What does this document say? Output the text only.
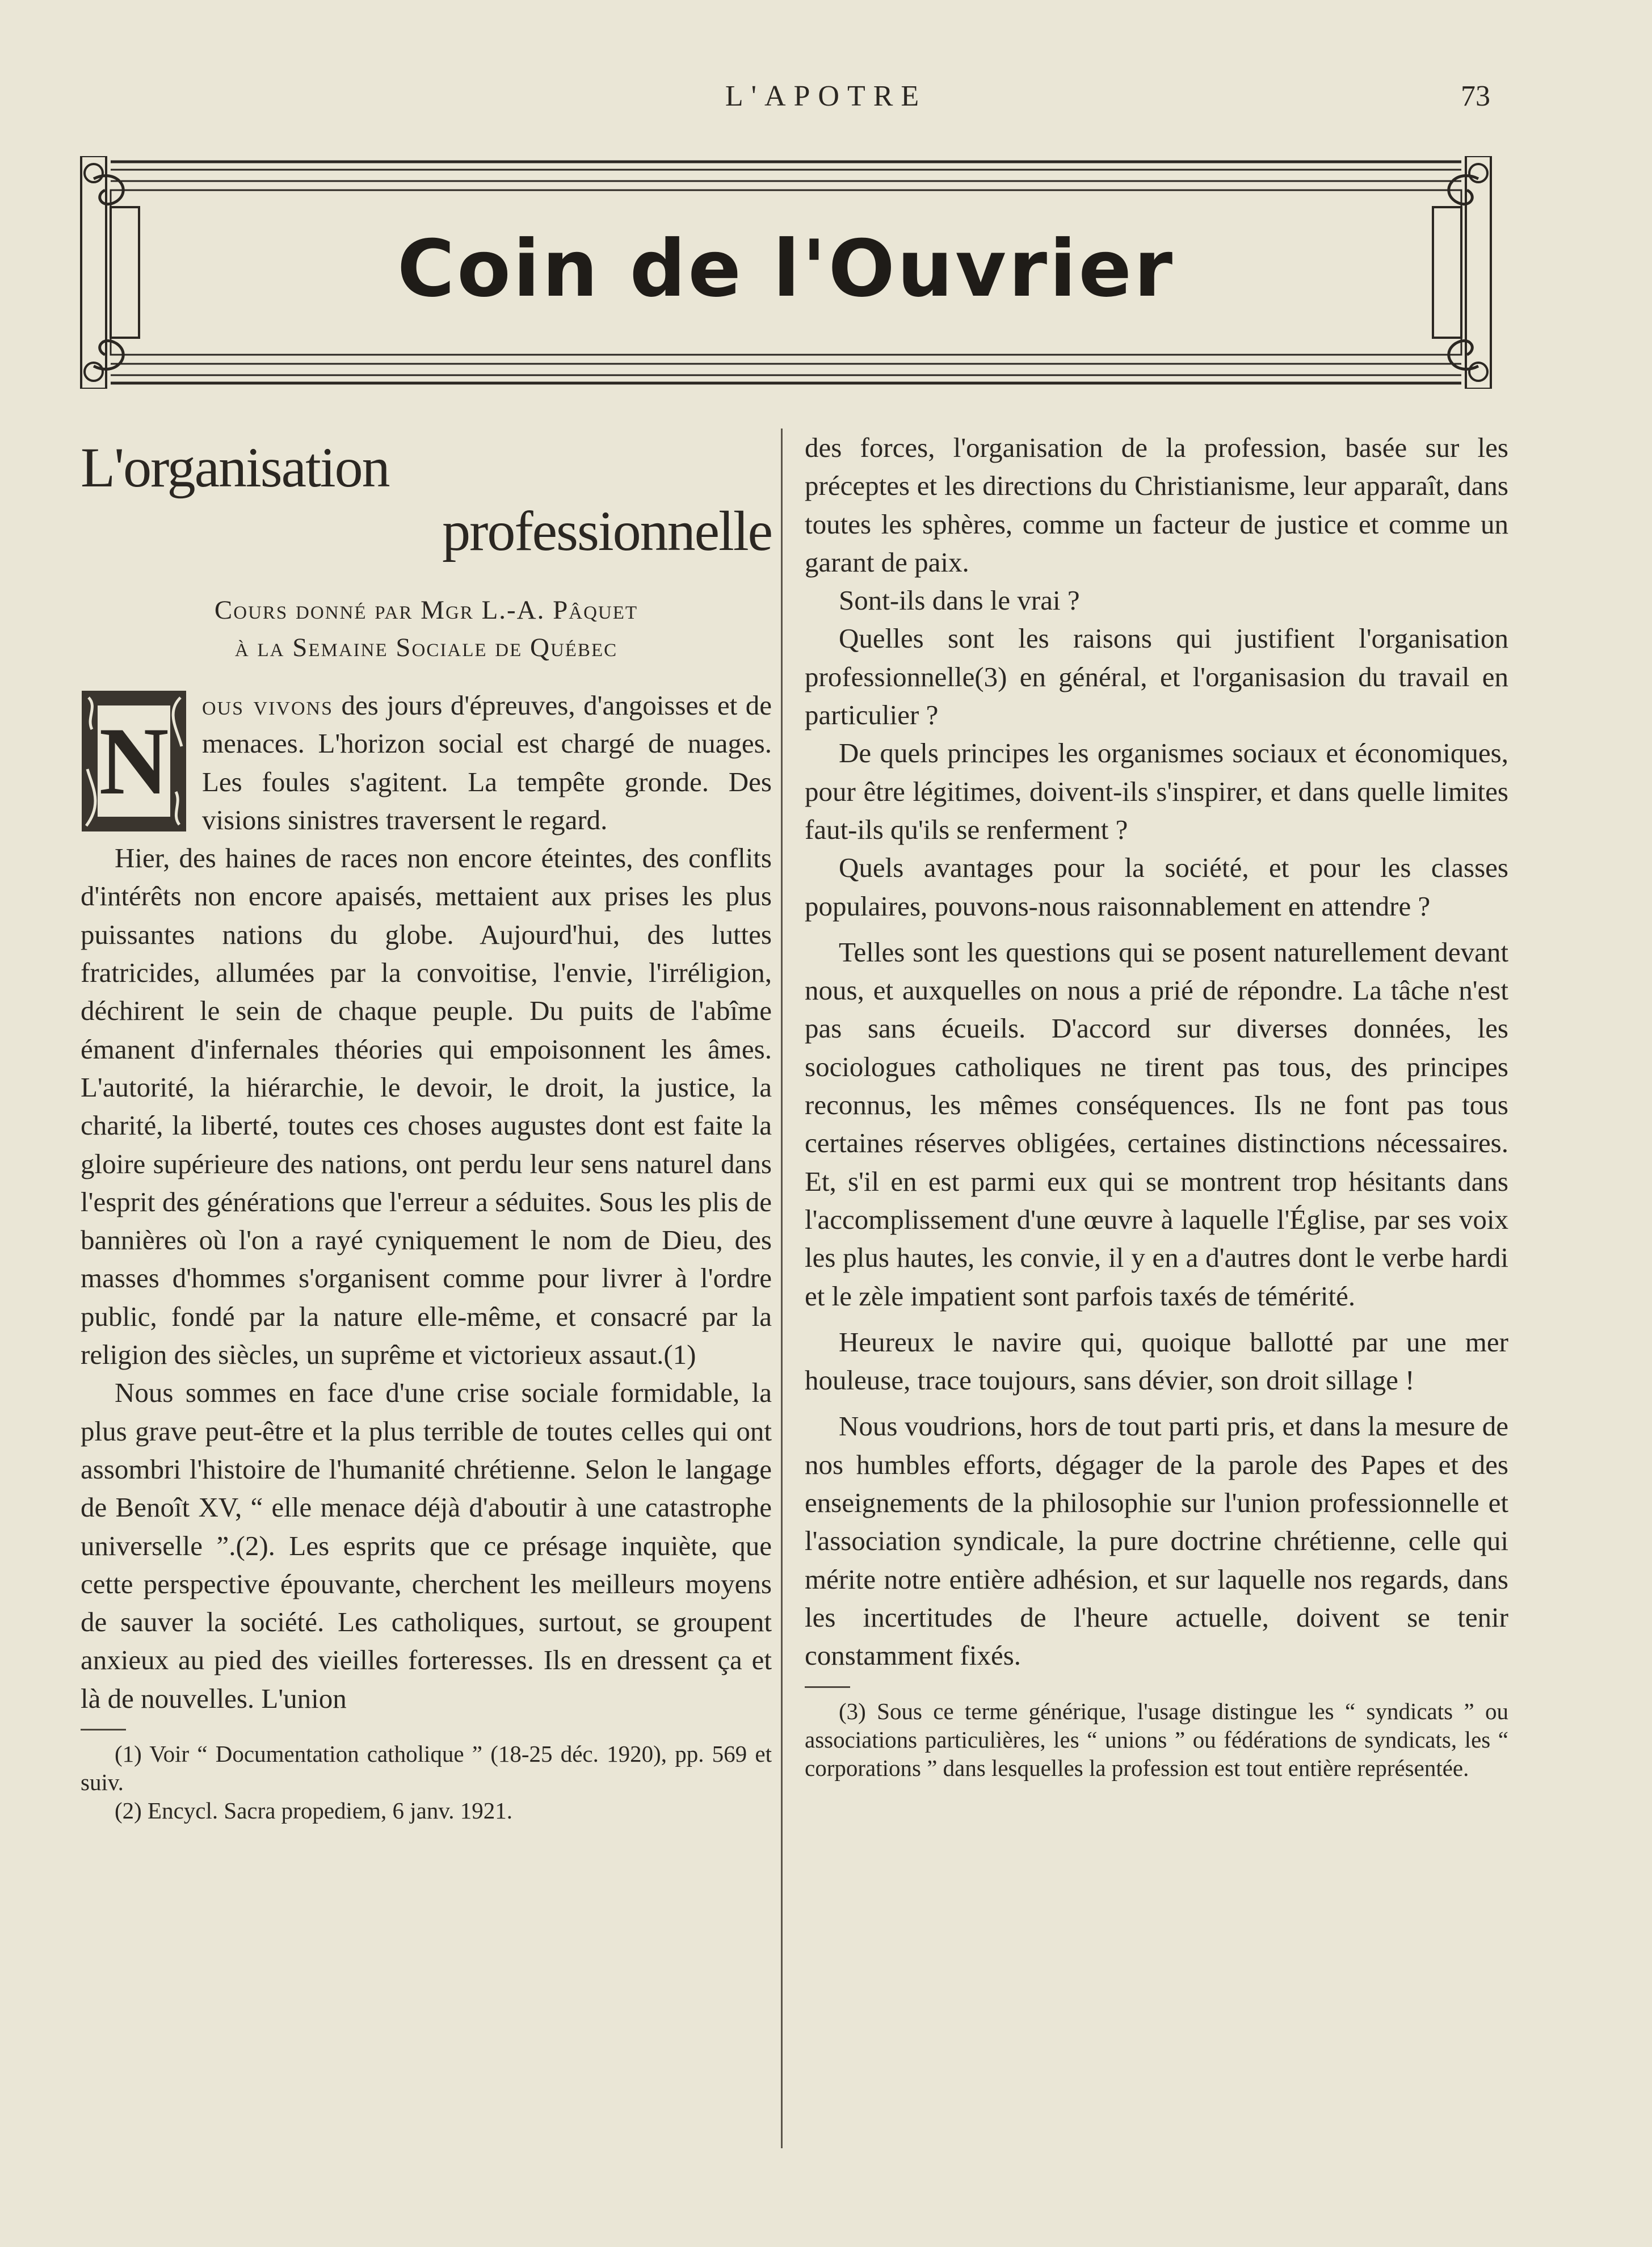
L'APOTRE	73
Coin de l'Ouvrier
L'organisation
professionnelle
Cours donné par Mgr L.-A. Pâquet
à la Semaine Sociale de Québec

N
ous vivons des jours d'épreuves, d'angoisses et de menaces. L'horizon social est chargé de nuages. Les foules s'agitent. La tempête gronde. Des visions sinistres traversent le regard.

Hier, des haines de races non encore éteintes, des conflits d'intérêts non encore apaisés, mettaient aux prises les plus puissantes nations du globe. Aujourd'hui, des luttes fratricides, allumées par la convoitise, l'envie, l'irréligion, déchirent le sein de chaque peuple. Du puits de l'abîme émanent d'infernales théories qui empoisonnent les âmes. L'autorité, la hiérarchie, le devoir, le droit, la justice, la charité, la liberté, toutes ces choses augustes dont est faite la gloire supérieure des nations, ont perdu leur sens naturel dans l'esprit des générations que l'erreur a séduites. Sous les plis de bannières où l'on a rayé cyniquement le nom de Dieu, des masses d'hommes s'organisent comme pour livrer à l'ordre public, fondé par la nature elle-même, et consacré par la religion des siècles, un suprême et victorieux assaut.(1)

Nous sommes en face d'une crise sociale formidable, la plus grave peut-être et la plus terrible de toutes celles qui ont assombri l'histoire de l'humanité chrétienne. Selon le langage de Benoît XV, “ elle menace déjà d'aboutir à une catastrophe universelle ”.(2). Les esprits que ce présage inquiète, que cette perspective épouvante, cherchent les meilleurs moyens de sauver la société. Les catholiques, surtout, se groupent anxieux au pied des vieilles forteresses. Ils en dressent ça et là de nouvelles. L'union

(1) Voir “ Documentation catholique ” (18-25 déc. 1920), pp. 569 et suiv.

(2) Encycl. Sacra propediem, 6 janv. 1921.

des forces, l'organisation de la profession, basée sur les préceptes et les directions du Christianisme, leur apparaît, dans toutes les sphères, comme un facteur de justice et comme un garant de paix.

Sont-ils dans le vrai ?

Quelles sont les raisons qui justifient l'organisation professionnelle(3) en général, et l'organisasion du travail en particulier ?

De quels principes les organismes sociaux et économiques, pour être légitimes, doivent-ils s'inspirer, et dans quelle limites faut-ils qu'ils se renferment ?

Quels avantages pour la société, et pour les classes populaires, pouvons-nous raisonnablement en attendre ?

Telles sont les questions qui se posent naturellement devant nous, et auxquelles on nous a prié de répondre. La tâche n'est pas sans écueils. D'accord sur diverses données, les sociologues catholiques ne tirent pas tous, des principes reconnus, les mêmes conséquences. Ils ne font pas tous certaines réserves obligées, certaines distinctions nécessaires. Et, s'il en est parmi eux qui se montrent trop hésitants dans l'accomplissement d'une œuvre à laquelle l'Église, par ses voix les plus hautes, les convie, il y en a d'autres dont le verbe hardi et le zèle impatient sont parfois taxés de témérité.

Heureux le navire qui, quoique ballotté par une mer houleuse, trace toujours, sans dévier, son droit sillage !

Nous voudrions, hors de tout parti pris, et dans la mesure de nos humbles efforts, dégager de la parole des Papes et des enseignements de la philosophie sur l'union professionnelle et l'association syndicale, la pure doctrine chrétienne, celle qui mérite notre entière adhésion, et sur laquelle nos regards, dans les incertitudes de l'heure actuelle, doivent se tenir constamment fixés.

(3) Sous ce terme générique, l'usage distingue les “ syndicats ” ou associations particulières, les “ unions ” ou fédérations de syndicats, les “ corporations ” dans lesquelles la profession est tout entière représentée.
